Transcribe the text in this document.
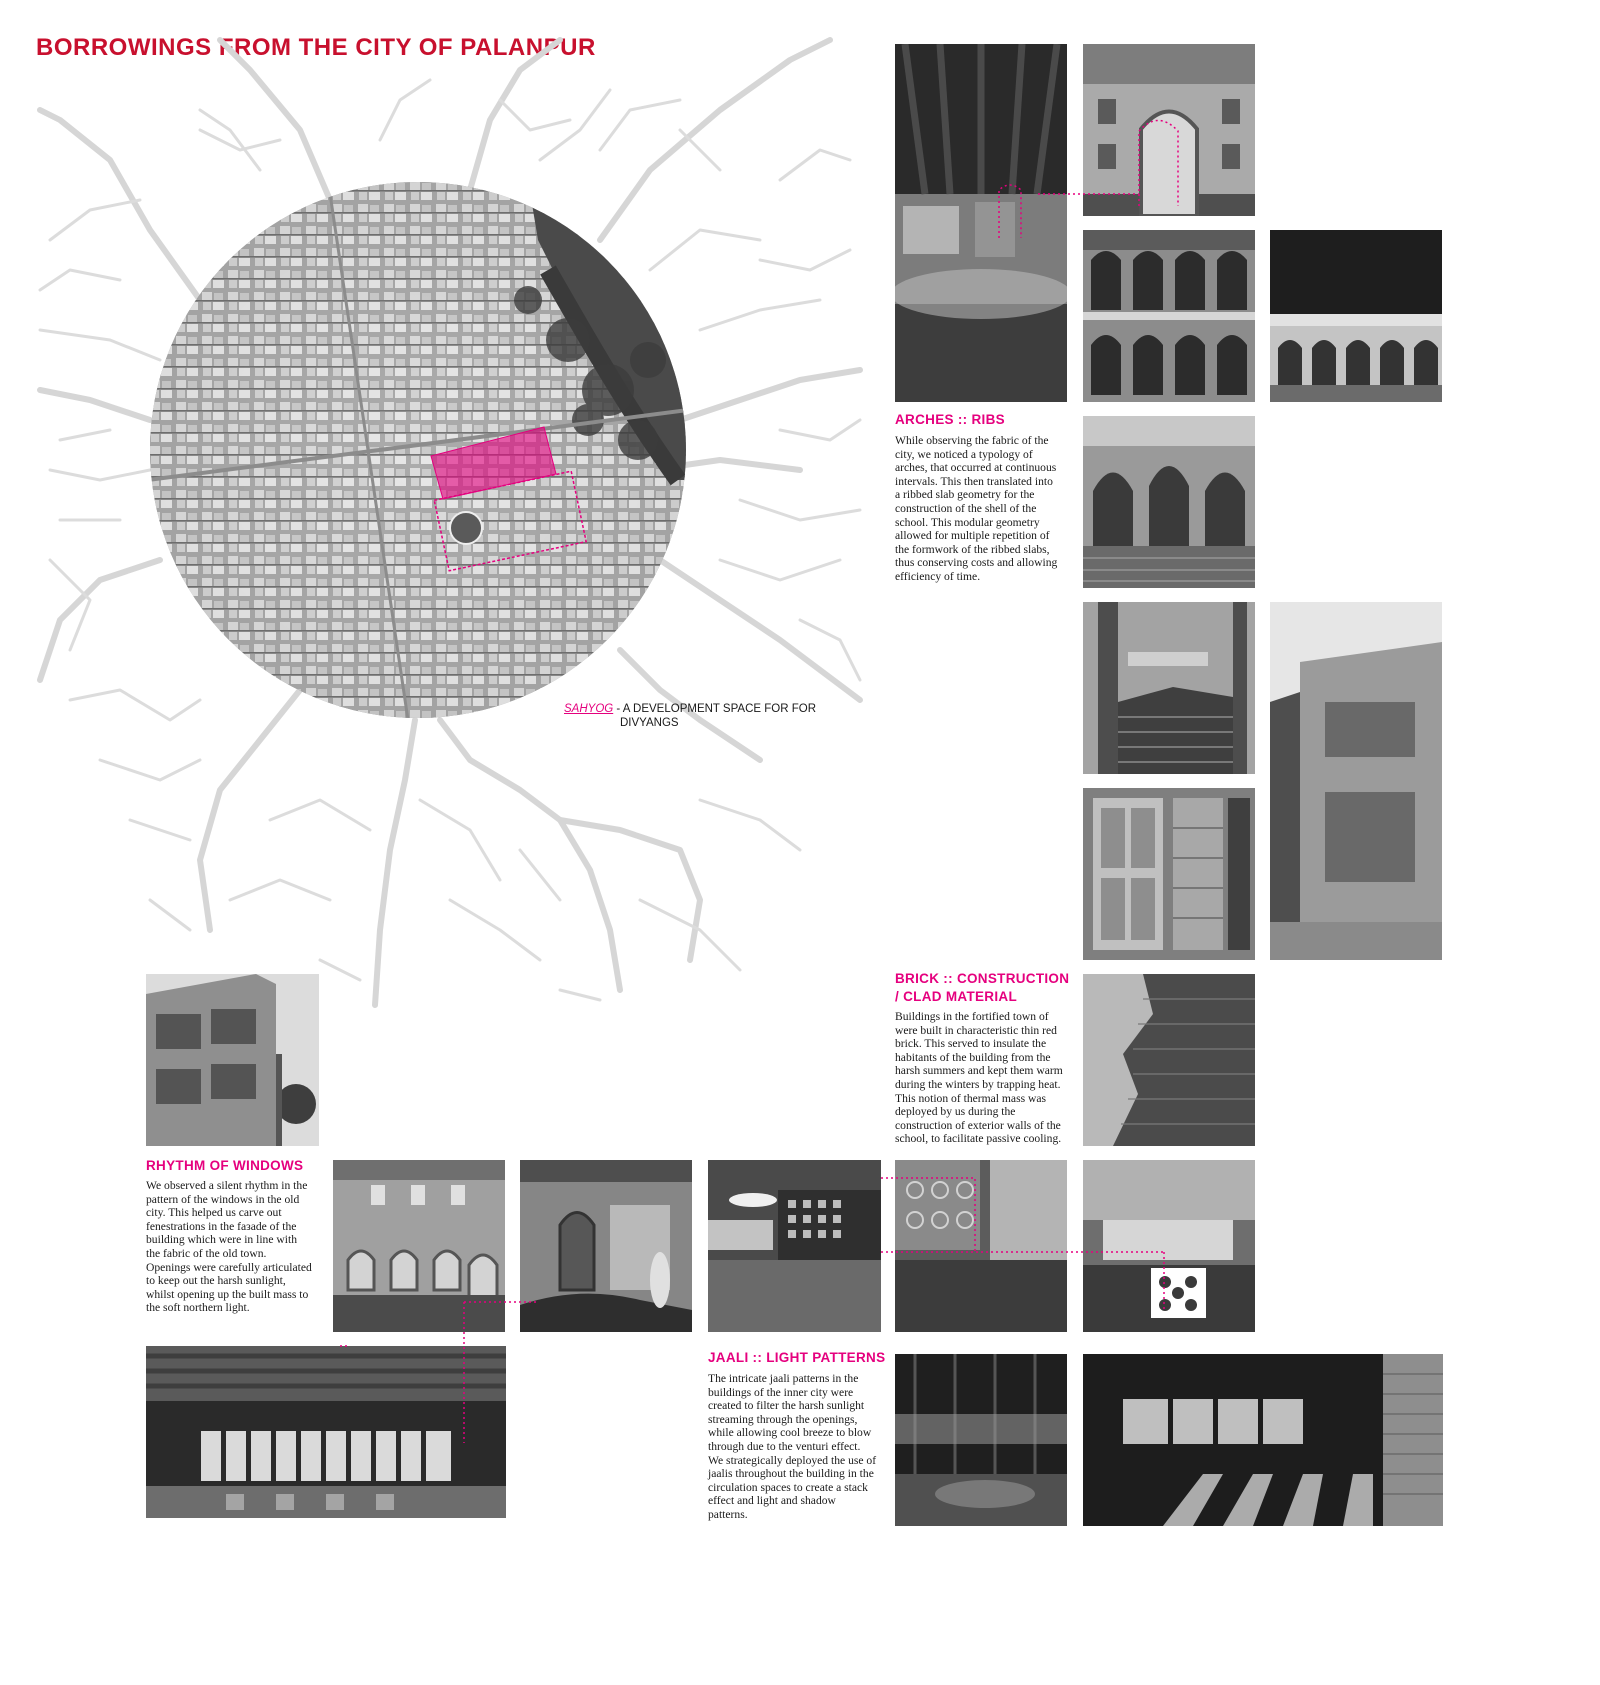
BORROWINGS FROM THE CITY OF PALANPUR
SAHYOG - A DEVELOPMENT SPACE FOR FOR
DIVYANGS
ARCHES :: RIBS
While observing the fabric of the city, we noticed a typology of arches, that occurred at continuous intervals. This then translated into a ribbed slab geometry for the construction of the shell of the school. This modular geometry allowed for multiple repetition of the formwork of the ribbed slabs, thus conserving costs and allowing efficiency of time.
BRICK :: CONSTRUCTION
/ CLAD MATERIAL
Buildings in the fortified town of were built in characteristic thin red brick. This served to insulate the habitants of the building from the harsh summers and kept them warm during the winters by trapping heat. This notion of thermal mass was deployed by us during the construction of exterior walls of the school, to facilitate passive cooling.
RHYTHM OF WINDOWS
We observed a silent rhythm in the pattern of the windows in the old city. This helped us carve out fenestrations in the faзade of the building which were in line with the fabric of the old town. Openings were carefully articulated to keep out the harsh sunlight, whilst opening up the built mass to the soft northern light.
JAALI :: LIGHT PATTERNS
The intricate jaali patterns in the buildings of the inner city were created to filter the harsh sunlight streaming through the openings, while allowing cool breeze to blow through due to the venturi effect. We strategically deployed the use of jaalis throughout the building in the circulation spaces to create a stack effect and light and shadow patterns.
